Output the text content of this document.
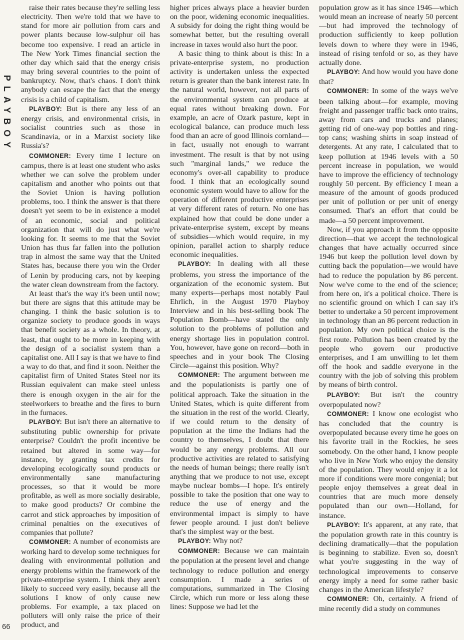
PLAYBOY
66

raise their rates because they're selling less electricity. Then we're told that we have to stand for more air pollution from cars and power plants because low-sulphur oil has become too expensive. I read an article in The New York Times financial section the other day which said that the energy crisis may bring several countries to the point of bankruptcy. Now, that's chaos. I don't think anybody can escape the fact that the energy crisis is a child of capitalism.

PLAYBOY: But is there any less of an energy crisis, and environmental crisis, in socialist countries such as those in Scandinavia, or in a Marxist society like Russia's?

COMMONER: Every time I lecture on campus, there is at least one student who asks whether we can solve the problem under capitalism and another who points out that the Soviet Union is having pollution problems, too. I think the answer is that there doesn't yet seem to be in existence a model of an economic, social and political organization that will do just what we're looking for. It seems to me that the Soviet Union has thus far fallen into the pollution trap in almost the same way that the United States has, because there you win the Order of Lenin by producing cars, not by keeping the water clean downstream from the factory.

At least that's the way it's been until now; but there are signs that this attitude may be changing. I think the basic solution is to organize society to produce goods in ways that benefit society as a whole. In theory, at least, that ought to be more in keeping with the design of a socialist system than a capitalist one. All I say is that we have to find a way to do that, and find it soon. Neither the capitalist firm of United States Steel nor its Russian equivalent can make steel unless there is enough oxygen in the air for the steelworkers to breathe and the fires to burn in the furnaces.

PLAYBOY: But isn't there an alternative to substituting public ownership for private enterprise? Couldn't the profit incentive be retained but altered in some way—for instance, by granting tax credits for developing ecologically sound products or environmentally sane manufacturing processes, so that it would be more profitable, as well as more socially desirable, to make good products? Or combine the carrot and stick approaches by imposition of criminal penalties on the executives of companies that pollute?

COMMONER: A number of economists are working hard to develop some techniques for dealing with environmental pollution and energy problems within the framework of the private-enterprise system. I think they aren't likely to succeed very easily, because all the solutions I know of only cause new problems. For example, a tax placed on polluters will only raise the price of their product, and

higher prices always place a heavier burden on the poor, widening economic inequalities. A subsidy for doing the right thing would be somewhat better, but the resulting overall increase in taxes would also hurt the poor.

A basic thing to think about is this: In a private-enterprise system, no production activity is undertaken unless the expected return is greater than the bank interest rate. In the natural world, however, not all parts of the environmental system can produce at equal rates without breaking down. For example, an acre of Ozark pasture, kept in ecological balance, can produce much less food than an acre of good Illinois cornland—in fact, usually not enough to warrant investment. The result is that by not using such "marginal lands," we reduce the economy's over-all capability to produce food. I think that an ecologically sound economic system would have to allow for the operation of different productive enterprises at very different rates of return. No one has explained how that could be done under a private-enterprise system, except by means of subsidies—which would require, in my opinion, parallel action to sharply reduce economic inequalities.

PLAYBOY: In dealing with all these problems, you stress the importance of the organization of the economic system. But many experts—perhaps most notably Paul Ehrlich, in the August 1970 Playboy Interview and in his best-selling book The Population Bomb—have stated the only solution to the problems of pollution and energy shortage lies in population control. You, however, have gone on record—both in speeches and in your book The Closing Circle—against this position. Why?

COMMONER: The argument between me and the populationists is partly one of political approach. Take the situation in the United States, which is quite different from the situation in the rest of the world. Clearly, if we could return to the density of population at the time the Indians had the country to themselves, I doubt that there would be any energy problems. All our productive activities are related to satisfying the needs of human beings; there really isn't anything that we produce to not use, except maybe nuclear bombs—I hope. It's entirely possible to take the position that one way to reduce the use of energy and the environmental impact is simply to have fewer people around. I just don't believe that's the simplest way or the best.

PLAYBOY: Why not?

COMMONER: Because we can maintain the population at the present level and change technology to reduce pollution and energy consumption. I made a series of computations, summarized in The Closing Circle, which run more or less along these lines: Suppose we had let the

population grow as it has since 1946—which would mean an increase of nearly 50 percent—but had improved the technology of production sufficiently to keep pollution levels down to where they were in 1946, instead of rising tenfold or so, as they have actually done.

PLAYBOY: And how would you have done that?

COMMONER: In some of the ways we've been talking about—for example, moving freight and passenger traffic back onto trains, away from cars and trucks and planes; getting rid of one-way pop bottles and ring-top cans; washing shirts in soap instead of detergents. At any rate, I calculated that to keep pollution at 1946 levels with a 50 percent increase in population, we would have to improve the efficiency of technology roughly 50 percent. By efficiency I mean a measure of the amount of goods produced per unit of pollution or per unit of energy consumed. That's an effort that could be made—a 50 percent improvement.

Now, if you approach it from the opposite direction—that we accept the technological changes that have actually occurred since 1946 but keep the pollution level down by cutting back the population—we would have had to reduce the population by 86 percent. Now we've come to the end of the science; from here on, it's a political choice. There is no scientific ground on which I can say it's better to undertake a 50 percent improvement in technology than an 86 percent reduction in population. My own political choice is the first route. Pollution has been created by the people who govern our productive enterprises, and I am unwilling to let them off the hook and saddle everyone in the country with the job of solving this problem by means of birth control.

PLAYBOY: But isn't the country overpopulated now?

COMMONER: I know one ecologist who has concluded that the country is overpopulated because every time he goes on his favorite trail in the Rockies, he sees somebody. On the other hand, I know people who live in New York who enjoy the density of the population. They would enjoy it a lot more if conditions were more congenial; but people enjoy themselves a great deal in countries that are much more densely populated than our own—Holland, for instance.

PLAYBOY: It's apparent, at any rate, that the population growth rate in this country is declining dramatically—that the population is beginning to stabilize. Even so, doesn't what you're suggesting in the way of technological improvements to conserve energy imply a need for some rather basic changes in the American lifestyle?

COMMONER: Oh, certainly. A friend of mine recently did a study on communes
